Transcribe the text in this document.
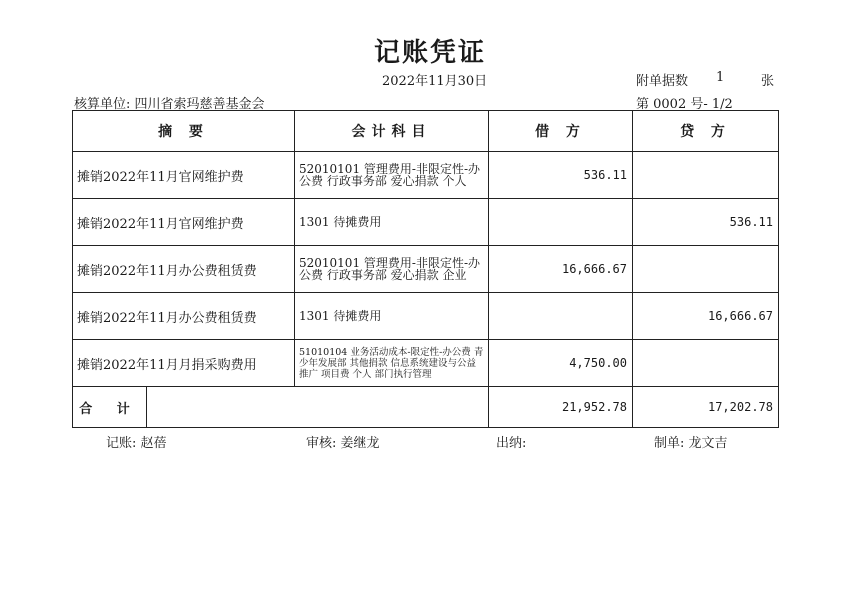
记账凭证
2022年11月30日	附单据数 1	张
核算单位: 四川省索玛慈善基金会	第 0002 号- 1/2
摘 要		会计科目	借 方	贷 方
摊销2022年11月官网维护费		52010101 管理费用-非限定性-办公费 行政事务部 爱心捐款 个人	536.11	
摊销2022年11月官网维护费		1301 待摊费用		536.11
摊销2022年11月办公费租赁费		52010101 管理费用-非限定性-办公费 行政事务部 爱心捐款 企业	16,666.67	
摊销2022年11月办公费租赁费		1301 待摊费用		16,666.67
摊销2022年11月月捐采购费用		51010104 业务活动成本-限定性-办公费 青少年发展部 其他捐款 信息系统建设与公益推广 项目费 个人 部门执行管理	4,750.00	
合 计			21,952.78	17,202.78
记账: 赵蓓	审核: 姜继龙	出纳:	制单: 龙文吉
